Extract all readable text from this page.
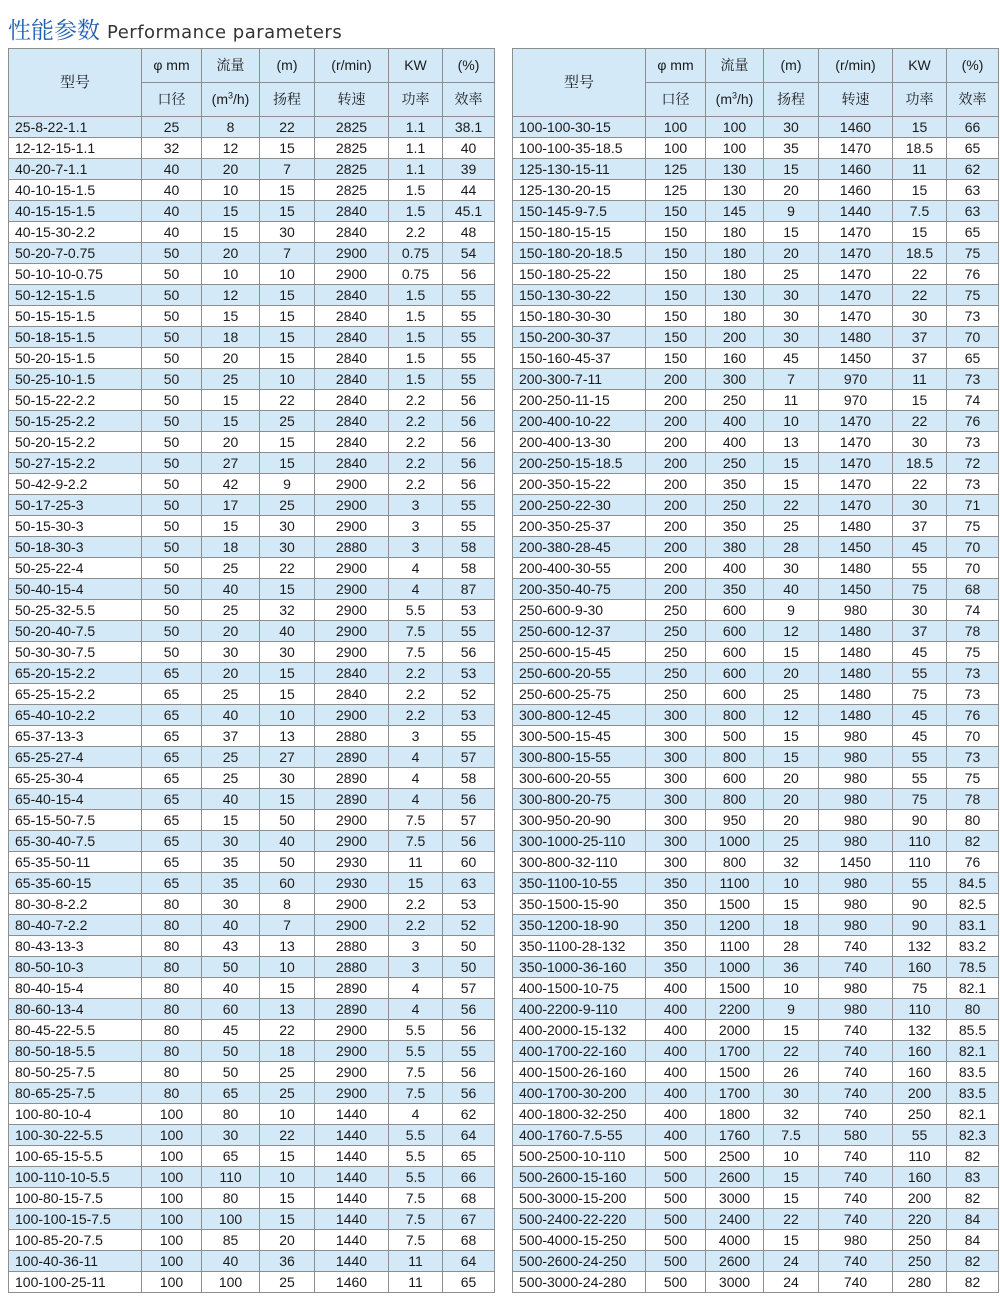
性能参数 Performance parameters
型号	φ mm	流量	(m)	(r/min)	KW	(%)
	口径	$(m^3/h)$	扬程	转速	功率	效率
25-8-22-1.1	25	8	22	2825	1.1	38.1
12-12-15-1.1	32	12	15	2825	1.1	40
40-20-7-1.1	40	20	7	2825	1.1	39
40-10-15-1.5	40	10	15	2825	1.5	44
40-15-15-1.5	40	15	15	2840	1.5	45.1
40-15-30-2.2	40	15	30	2840	2.2	48
50-20-7-0.75	50	20	7	2900	0.75	54
50-10-10-0.75	50	10	10	2900	0.75	56
50-12-15-1.5	50	12	15	2840	1.5	55
50-15-15-1.5	50	15	15	2840	1.5	55
50-18-15-1.5	50	18	15	2840	1.5	55
50-20-15-1.5	50	20	15	2840	1.5	55
50-25-10-1.5	50	25	10	2840	1.5	55
50-15-22-2.2	50	15	22	2840	2.2	56
50-15-25-2.2	50	15	25	2840	2.2	56
50-20-15-2.2	50	20	15	2840	2.2	56
50-27-15-2.2	50	27	15	2840	2.2	56
50-42-9-2.2	50	42	9	2900	2.2	56
50-17-25-3	50	17	25	2900	3	55
50-15-30-3	50	15	30	2900	3	55
50-18-30-3	50	18	30	2880	3	58
50-25-22-4	50	25	22	2900	4	58
50-40-15-4	50	40	15	2900	4	87
50-25-32-5.5	50	25	32	2900	5.5	53
50-20-40-7.5	50	20	40	2900	7.5	55
50-30-30-7.5	50	30	30	2900	7.5	56
65-20-15-2.2	65	20	15	2840	2.2	53
65-25-15-2.2	65	25	15	2840	2.2	52
65-40-10-2.2	65	40	10	2900	2.2	53
65-37-13-3	65	37	13	2880	3	55
65-25-27-4	65	25	27	2890	4	57
65-25-30-4	65	25	30	2890	4	58
65-40-15-4	65	40	15	2890	4	56
65-15-50-7.5	65	15	50	2900	7.5	57
65-30-40-7.5	65	30	40	2900	7.5	56
65-35-50-11	65	35	50	2930	11	60
65-35-60-15	65	35	60	2930	15	63
80-30-8-2.2	80	30	8	2900	2.2	53
80-40-7-2.2	80	40	7	2900	2.2	52
80-43-13-3	80	43	13	2880	3	50
80-50-10-3	80	50	10	2880	3	50
80-40-15-4	80	40	15	2890	4	57
80-60-13-4	80	60	13	2890	4	56
80-45-22-5.5	80	45	22	2900	5.5	56
80-50-18-5.5	80	50	18	2900	5.5	55
80-50-25-7.5	80	50	25	2900	7.5	56
80-65-25-7.5	80	65	25	2900	7.5	56
100-80-10-4	100	80	10	1440	4	62
100-30-22-5.5	100	30	22	1440	5.5	64
100-65-15-5.5	100	65	15	1440	5.5	65
100-110-10-5.5	100	110	10	1440	5.5	66
100-80-15-7.5	100	80	15	1440	7.5	68
100-100-15-7.5	100	100	15	1440	7.5	67
100-85-20-7.5	100	85	20	1440	7.5	68
100-40-36-11	100	40	36	1440	11	64
100-100-25-11	100	100	25	1460	11	65
型号	φ mm	流量	(m)	(r/min)	KW	(%)
	口径	$(m^3/h)$	扬程	转速	功率	效率
100-100-30-15	100	100	30	1460	15	66
100-100-35-18.5	100	100	35	1470	18.5	65
125-130-15-11	125	130	15	1460	11	62
125-130-20-15	125	130	20	1460	15	63
150-145-9-7.5	150	145	9	1440	7.5	63
150-180-15-15	150	180	15	1470	15	65
150-180-20-18.5	150	180	20	1470	18.5	75
150-180-25-22	150	180	25	1470	22	76
150-130-30-22	150	130	30	1470	22	75
150-180-30-30	150	180	30	1470	30	73
150-200-30-37	150	200	30	1480	37	70
150-160-45-37	150	160	45	1450	37	65
200-300-7-11	200	300	7	970	11	73
200-250-11-15	200	250	11	970	15	74
200-400-10-22	200	400	10	1470	22	76
200-400-13-30	200	400	13	1470	30	73
200-250-15-18.5	200	250	15	1470	18.5	72
200-350-15-22	200	350	15	1470	22	73
200-250-22-30	200	250	22	1470	30	71
200-350-25-37	200	350	25	1480	37	75
200-380-28-45	200	380	28	1450	45	70
200-400-30-55	200	400	30	1480	55	70
200-350-40-75	200	350	40	1450	75	68
250-600-9-30	250	600	9	980	30	74
250-600-12-37	250	600	12	1480	37	78
250-600-15-45	250	600	15	1480	45	75
250-600-20-55	250	600	20	1480	55	73
250-600-25-75	250	600	25	1480	75	73
300-800-12-45	300	800	12	1480	45	76
300-500-15-45	300	500	15	980	45	70
300-800-15-55	300	800	15	980	55	73
300-600-20-55	300	600	20	980	55	75
300-800-20-75	300	800	20	980	75	78
300-950-20-90	300	950	20	980	90	80
300-1000-25-110	300	1000	25	980	110	82
300-800-32-110	300	800	32	1450	110	76
350-1100-10-55	350	1100	10	980	55	84.5
350-1500-15-90	350	1500	15	980	90	82.5
350-1200-18-90	350	1200	18	980	90	83.1
350-1100-28-132	350	1100	28	740	132	83.2
350-1000-36-160	350	1000	36	740	160	78.5
400-1500-10-75	400	1500	10	980	75	82.1
400-2200-9-110	400	2200	9	980	110	80
400-2000-15-132	400	2000	15	740	132	85.5
400-1700-22-160	400	1700	22	740	160	82.1
400-1500-26-160	400	1500	26	740	160	83.5
400-1700-30-200	400	1700	30	740	200	83.5
400-1800-32-250	400	1800	32	740	250	82.1
400-1760-7.5-55	400	1760	7.5	580	55	82.3
500-2500-10-110	500	2500	10	740	110	82
500-2600-15-160	500	2600	15	740	160	83
500-3000-15-200	500	3000	15	740	200	82
500-2400-22-220	500	2400	22	740	220	84
500-4000-15-250	500	4000	15	980	250	84
500-2600-24-250	500	2600	24	740	250	82
500-3000-24-280	500	3000	24	740	280	82
